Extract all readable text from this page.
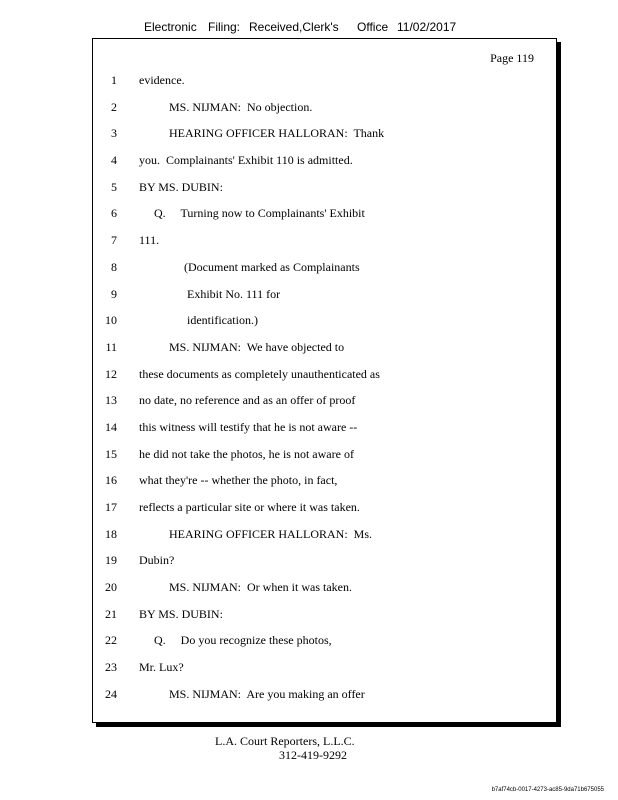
Electronic Filing: Received,Clerk's Office 11/02/2017
Page 119
1 evidence.
2 MS. NIJMAN:  No objection.
3 HEARING OFFICER HALLORAN:  Thank
4 you.  Complainants' Exhibit 110 is admitted.
5 BY MS. DUBIN:
6 Q.     Turning now to Complainants' Exhibit
7 111.
8 (Document marked as Complainants
9 Exhibit No. 111 for
10 identification.)
11 MS. NIJMAN:  We have objected to
12 these documents as completely unauthenticated as
13 no date, no reference and as an offer of proof
14 this witness will testify that he is not aware --
15 he did not take the photos, he is not aware of
16 what they're -- whether the photo, in fact,
17 reflects a particular site or where it was taken.
18 HEARING OFFICER HALLORAN:  Ms.
19 Dubin?
20 MS. NIJMAN:  Or when it was taken.
21 BY MS. DUBIN:
22 Q.     Do you recognize these photos,
23 Mr. Lux?
24 MS. NIJMAN:  Are you making an offer
L.A. Court Reporters, L.L.C.
312-419-9292
b7af74cb-0017-4273-ac85-9da71b675055
